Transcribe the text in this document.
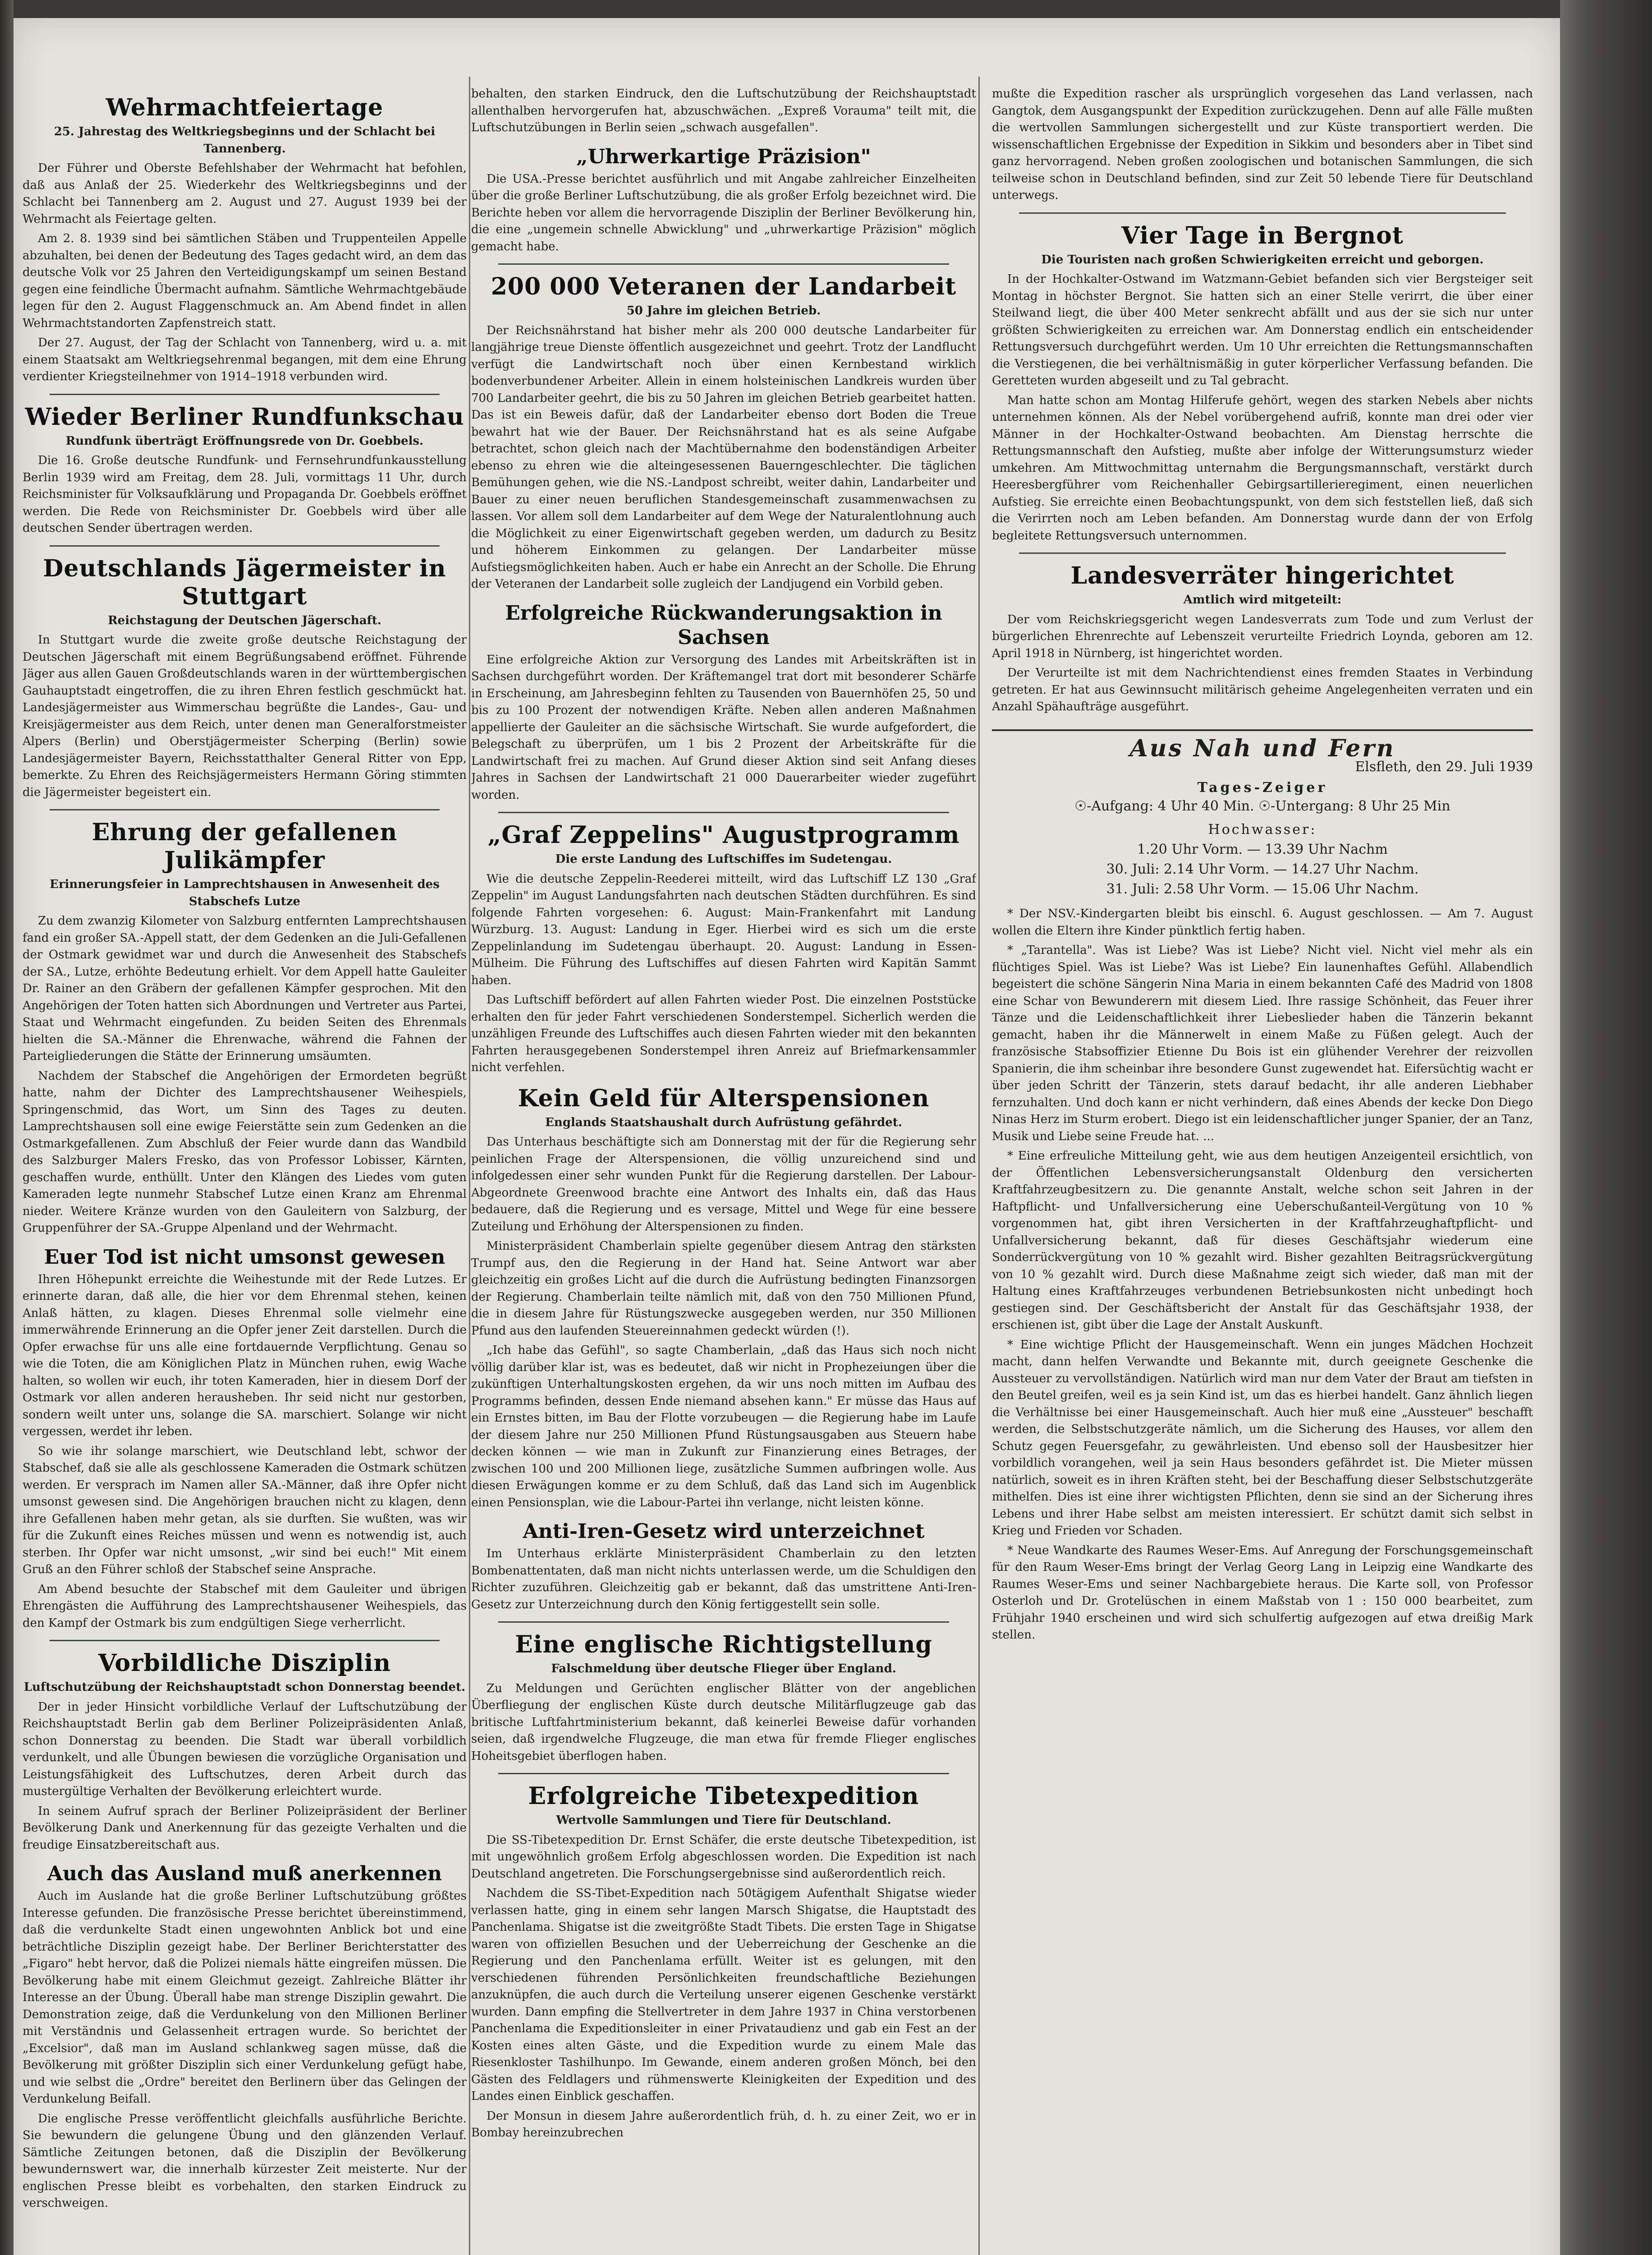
Wehrmachtfeiertage

25. Jahrestag des Weltkriegsbeginns und der Schlacht bei Tannenberg.

Der Führer und Oberste Befehlshaber der Wehrmacht hat befohlen, daß aus Anlaß der 25. Wiederkehr des Weltkriegsbeginns und der Schlacht bei Tannenberg am 2. August und 27. August 1939 bei der Wehrmacht als Feiertage gelten.

Am 2. 8. 1939 sind bei sämtlichen Stäben und Truppenteilen Appelle abzuhalten, bei denen der Bedeutung des Tages gedacht wird, an dem das deutsche Volk vor 25 Jahren den Verteidigungskampf um seinen Bestand gegen eine feindliche Übermacht aufnahm. Sämtliche Wehrmachtgebäude legen für den 2. August Flaggenschmuck an. Am Abend findet in allen Wehrmachtstandorten Zapfenstreich statt.

Der 27. August, der Tag der Schlacht von Tannenberg, wird u. a. mit einem Staatsakt am Weltkriegsehrenmal begangen, mit dem eine Ehrung verdienter Kriegsteilnehmer von 1914–1918 verbunden wird.

Wieder Berliner Rundfunkschau

Rundfunk überträgt Eröffnungsrede von Dr. Goebbels.

Die 16. Große deutsche Rundfunk- und Fernsehrundfunkausstellung Berlin 1939 wird am Freitag, dem 28. Juli, vormittags 11 Uhr, durch Reichsminister für Volksaufklärung und Propaganda Dr. Goebbels eröffnet werden. Die Rede von Reichsminister Dr. Goebbels wird über alle deutschen Sender übertragen werden.

Deutschlands Jägermeister in Stuttgart

Reichstagung der Deutschen Jägerschaft.

In Stuttgart wurde die zweite große deutsche Reichstagung der Deutschen Jägerschaft mit einem Begrüßungsabend eröffnet. Führende Jäger aus allen Gauen Großdeutschlands waren in der württembergischen Gauhauptstadt eingetroffen, die zu ihren Ehren festlich geschmückt hat. Landesjägermeister aus Wimmerschau begrüßte die Landes-, Gau- und Kreisjägermeister aus dem Reich, unter denen man Generalforstmeister Alpers (Berlin) und Oberstjägermeister Scherping (Berlin) sowie Landesjägermeister Bayern, Reichsstatthalter General Ritter von Epp, bemerkte. Zu Ehren des Reichsjägermeisters Hermann Göring stimmten die Jägermeister begeistert ein.

Ehrung der gefallenen Julikämpfer

Erinnerungsfeier in Lamprechtshausen in Anwesenheit des Stabschefs Lutze

Zu dem zwanzig Kilometer von Salzburg entfernten Lamprechtshausen fand ein großer SA.-Appell statt, der dem Gedenken an die Juli-Gefallenen der Ostmark gewidmet war und durch die Anwesenheit des Stabschefs der SA., Lutze, erhöhte Bedeutung erhielt. Vor dem Appell hatte Gauleiter Dr. Rainer an den Gräbern der gefallenen Kämpfer gesprochen. Mit den Angehörigen der Toten hatten sich Abordnungen und Vertreter aus Partei, Staat und Wehrmacht eingefunden. Zu beiden Seiten des Ehrenmals hielten die SA.-Männer die Ehrenwache, während die Fahnen der Parteigliederungen die Stätte der Erinnerung umsäumten.

Nachdem der Stabschef die Angehörigen der Ermordeten begrüßt hatte, nahm der Dichter des Lamprechtshausener Weihespiels, Springenschmid, das Wort, um Sinn des Tages zu deuten. Lamprechtshausen soll eine ewige Feierstätte sein zum Gedenken an die Ostmarkgefallenen. Zum Abschluß der Feier wurde dann das Wandbild des Salzburger Malers Fresko, das von Professor Lobisser, Kärnten, geschaffen wurde, enthüllt. Unter den Klängen des Liedes vom guten Kameraden legte nunmehr Stabschef Lutze einen Kranz am Ehrenmal nieder. Weitere Kränze wurden von den Gauleitern von Salzburg, der Gruppenführer der SA.-Gruppe Alpenland und der Wehrmacht.

Euer Tod ist nicht umsonst gewesen

Ihren Höhepunkt erreichte die Weihestunde mit der Rede Lutzes. Er erinnerte daran, daß alle, die hier vor dem Ehrenmal stehen, keinen Anlaß hätten, zu klagen. Dieses Ehrenmal solle vielmehr eine immerwährende Erinnerung an die Opfer jener Zeit darstellen. Durch die Opfer erwachse für uns alle eine fortdauernde Verpflichtung. Genau so wie die Toten, die am Königlichen Platz in München ruhen, ewig Wache halten, so wollen wir euch, ihr toten Kameraden, hier in diesem Dorf der Ostmark vor allen anderen herausheben. Ihr seid nicht nur gestorben, sondern weilt unter uns, solange die SA. marschiert. Solange wir nicht vergessen, werdet ihr leben.

So wie ihr solange marschiert, wie Deutschland lebt, schwor der Stabschef, daß sie alle als geschlossene Kameraden die Ostmark schützen werden. Er versprach im Namen aller SA.-Männer, daß ihre Opfer nicht umsonst gewesen sind. Die Angehörigen brauchen nicht zu klagen, denn ihre Gefallenen haben mehr getan, als sie durften. Sie wußten, was wir für die Zukunft eines Reiches müssen und wenn es notwendig ist, auch sterben. Ihr Opfer war nicht umsonst, „wir sind bei euch!" Mit einem Gruß an den Führer schloß der Stabschef seine Ansprache.

Am Abend besuchte der Stabschef mit dem Gauleiter und übrigen Ehrengästen die Aufführung des Lamprechtshausener Weihespiels, das den Kampf der Ostmark bis zum endgültigen Siege verherrlicht.

Vorbildliche Disziplin

Luftschutzübung der Reichshauptstadt schon Donnerstag beendet.

Der in jeder Hinsicht vorbildliche Verlauf der Luftschutzübung der Reichshauptstadt Berlin gab dem Berliner Polizeipräsidenten Anlaß, schon Donnerstag zu beenden. Die Stadt war überall vorbildlich verdunkelt, und alle Übungen bewiesen die vorzügliche Organisation und Leistungsfähigkeit des Luftschutzes, deren Arbeit durch das mustergültige Verhalten der Bevölkerung erleichtert wurde.

In seinem Aufruf sprach der Berliner Polizeipräsident der Berliner Bevölkerung Dank und Anerkennung für das gezeigte Verhalten und die freudige Einsatzbereitschaft aus.

Auch das Ausland muß anerkennen

Auch im Auslande hat die große Berliner Luftschutzübung größtes Interesse gefunden. Die französische Presse berichtet übereinstimmend, daß die verdunkelte Stadt einen ungewohnten Anblick bot und eine beträchtliche Disziplin gezeigt habe. Der Berliner Berichterstatter des „Figaro" hebt hervor, daß die Polizei niemals hätte eingreifen müssen. Die Bevölkerung habe mit einem Gleichmut gezeigt. Zahlreiche Blätter ihr Interesse an der Übung. Überall habe man strenge Disziplin gewahrt. Die Demonstration zeige, daß die Verdunkelung von den Millionen Berliner mit Verständnis und Gelassenheit ertragen wurde. So berichtet der „Excelsior", daß man im Ausland schlankweg sagen müsse, daß die Bevölkerung mit größter Disziplin sich einer Verdunkelung gefügt habe, und wie selbst die „Ordre" bereitet den Berlinern über das Gelingen der Verdunkelung Beifall.

Die englische Presse veröffentlicht gleichfalls ausführliche Berichte. Sie bewundern die gelungene Übung und den glänzenden Verlauf. Sämtliche Zeitungen betonen, daß die Disziplin der Bevölkerung bewundernswert war, die innerhalb kürzester Zeit meisterte. Nur der englischen Presse bleibt es vorbehalten, den starken Eindruck zu verschweigen.

behalten, den starken Eindruck, den die Luftschutzübung der Reichshauptstadt allenthalben hervorgerufen hat, abzuschwächen. „Expreß Vorauma" teilt mit, die Luftschutzübungen in Berlin seien „schwach ausgefallen".

„Uhrwerkartige Präzision"

Die USA.-Presse berichtet ausführlich und mit Angabe zahlreicher Einzelheiten über die große Berliner Luftschutzübung, die als großer Erfolg bezeichnet wird. Die Berichte heben vor allem die hervorragende Disziplin der Berliner Bevölkerung hin, die eine „ungemein schnelle Abwicklung" und „uhrwerkartige Präzision" möglich gemacht habe.

200 000 Veteranen der Landarbeit

50 Jahre im gleichen Betrieb.

Der Reichsnährstand hat bisher mehr als 200 000 deutsche Landarbeiter für langjährige treue Dienste öffentlich ausgezeichnet und geehrt. Trotz der Landflucht verfügt die Landwirtschaft noch über einen Kernbestand wirklich bodenverbundener Arbeiter. Allein in einem holsteinischen Landkreis wurden über 700 Landarbeiter geehrt, die bis zu 50 Jahren im gleichen Betrieb gearbeitet hatten. Das ist ein Beweis dafür, daß der Landarbeiter ebenso dort Boden die Treue bewahrt hat wie der Bauer. Der Reichsnährstand hat es als seine Aufgabe betrachtet, schon gleich nach der Machtübernahme den bodenständigen Arbeiter ebenso zu ehren wie die alteingesessenen Bauerngeschlechter. Die täglichen Bemühungen gehen, wie die NS.-Landpost schreibt, weiter dahin, Landarbeiter und Bauer zu einer neuen beruflichen Standesgemeinschaft zusammenwachsen zu lassen. Vor allem soll dem Landarbeiter auf dem Wege der Naturalentlohnung auch die Möglichkeit zu einer Eigenwirtschaft gegeben werden, um dadurch zu Besitz und höherem Einkommen zu gelangen. Der Landarbeiter müsse Aufstiegsmöglichkeiten haben. Auch er habe ein Anrecht an der Scholle. Die Ehrung der Veteranen der Landarbeit solle zugleich der Landjugend ein Vorbild geben.

Erfolgreiche Rückwanderungsaktion in Sachsen

Eine erfolgreiche Aktion zur Versorgung des Landes mit Arbeitskräften ist in Sachsen durchgeführt worden. Der Kräftemangel trat dort mit besonderer Schärfe in Erscheinung, am Jahresbeginn fehlten zu Tausenden von Bauernhöfen 25, 50 und bis zu 100 Prozent der notwendigen Kräfte. Neben allen anderen Maßnahmen appellierte der Gauleiter an die sächsische Wirtschaft. Sie wurde aufgefordert, die Belegschaft zu überprüfen, um 1 bis 2 Prozent der Arbeitskräfte für die Landwirtschaft frei zu machen. Auf Grund dieser Aktion sind seit Anfang dieses Jahres in Sachsen der Landwirtschaft 21 000 Dauerarbeiter wieder zugeführt worden.

„Graf Zeppelins" Augustprogramm

Die erste Landung des Luftschiffes im Sudetengau.

Wie die deutsche Zeppelin-Reederei mitteilt, wird das Luftschiff LZ 130 „Graf Zeppelin" im August Landungsfahrten nach deutschen Städten durchführen. Es sind folgende Fahrten vorgesehen: 6. August: Main-Frankenfahrt mit Landung Würzburg. 13. August: Landung in Eger. Hierbei wird es sich um die erste Zeppelinlandung im Sudetengau überhaupt. 20. August: Landung in Essen-Mülheim. Die Führung des Luftschiffes auf diesen Fahrten wird Kapitän Sammt haben.

Das Luftschiff befördert auf allen Fahrten wieder Post. Die einzelnen Poststücke erhalten den für jeder Fahrt verschiedenen Sonderstempel. Sicherlich werden die unzähligen Freunde des Luftschiffes auch diesen Fahrten wieder mit den bekannten Fahrten herausgegebenen Sonderstempel ihren Anreiz auf Briefmarkensammler nicht verfehlen.

Kein Geld für Alterspensionen

Englands Staatshaushalt durch Aufrüstung gefährdet.

Das Unterhaus beschäftigte sich am Donnerstag mit der für die Regierung sehr peinlichen Frage der Alterspensionen, die völlig unzureichend sind und infolgedessen einer sehr wunden Punkt für die Regierung darstellen. Der Labour-Abgeordnete Greenwood brachte eine Antwort des Inhalts ein, daß das Haus bedauere, daß die Regierung und es versage, Mittel und Wege für eine bessere Zuteilung und Erhöhung der Alterspensionen zu finden.

Ministerpräsident Chamberlain spielte gegenüber diesem Antrag den stärksten Trumpf aus, den die Regierung in der Hand hat. Seine Antwort war aber gleichzeitig ein großes Licht auf die durch die Aufrüstung bedingten Finanzsorgen der Regierung. Chamberlain teilte nämlich mit, daß von den 750 Millionen Pfund, die in diesem Jahre für Rüstungszwecke ausgegeben werden, nur 350 Millionen Pfund aus den laufenden Steuereinnahmen gedeckt würden (!).

„Ich habe das Gefühl", so sagte Chamberlain, „daß das Haus sich noch nicht völlig darüber klar ist, was es bedeutet, daß wir nicht in Prophezeiungen über die zukünftigen Unterhaltungskosten ergehen, da wir uns noch mitten im Aufbau des Programms befinden, dessen Ende niemand absehen kann." Er müsse das Haus auf ein Ernstes bitten, im Bau der Flotte vorzubeugen — die Regierung habe im Laufe der diesem Jahre nur 250 Millionen Pfund Rüstungsausgaben aus Steuern habe decken können — wie man in Zukunft zur Finanzierung eines Betrages, der zwischen 100 und 200 Millionen liege, zusätzliche Summen aufbringen wolle. Aus diesen Erwägungen komme er zu dem Schluß, daß das Land sich im Augenblick einen Pensionsplan, wie die Labour-Partei ihn verlange, nicht leisten könne.

Anti-Iren-Gesetz wird unterzeichnet

Im Unterhaus erklärte Ministerpräsident Chamberlain zu den letzten Bombenattentaten, daß man nicht nichts unterlassen werde, um die Schuldigen den Richter zuzuführen. Gleichzeitig gab er bekannt, daß das umstrittene Anti-Iren-Gesetz zur Unterzeichnung durch den König fertiggestellt sein solle.

Eine englische Richtigstellung

Falschmeldung über deutsche Flieger über England.

Zu Meldungen und Gerüchten englischer Blätter von der angeblichen Überfliegung der englischen Küste durch deutsche Militärflugzeuge gab das britische Luftfahrtministerium bekannt, daß keinerlei Beweise dafür vorhanden seien, daß irgendwelche Flugzeuge, die man etwa für fremde Flieger englisches Hoheitsgebiet überflogen haben.

Erfolgreiche Tibetexpedition

Wertvolle Sammlungen und Tiere für Deutschland.

Die SS-Tibetexpedition Dr. Ernst Schäfer, die erste deutsche Tibetexpedition, ist mit ungewöhnlich großem Erfolg abgeschlossen worden. Die Expedition ist nach Deutschland angetreten. Die Forschungsergebnisse sind außerordentlich reich.

Nachdem die SS-Tibet-Expedition nach 50tägigem Aufenthalt Shigatse wieder verlassen hatte, ging in einem sehr langen Marsch Shigatse, die Hauptstadt des Panchenlama. Shigatse ist die zweitgrößte Stadt Tibets. Die ersten Tage in Shigatse waren von offiziellen Besuchen und der Ueberreichung der Geschenke an die Regierung und den Panchenlama erfüllt. Weiter ist es gelungen, mit den verschiedenen führenden Persönlichkeiten freundschaftliche Beziehungen anzuknüpfen, die auch durch die Verteilung unserer eigenen Geschenke verstärkt wurden. Dann empfing die Stellvertreter in dem Jahre 1937 in China verstorbenen Panchenlama die Expeditionsleiter in einer Privataudienz und gab ein Fest an der Kosten eines alten Gäste, und die Expedition wurde zu einem Male das Riesenkloster Tashilhunpo. Im Gewande, einem anderen großen Mönch, bei den Gästen des Feldlagers und rühmenswerte Kleinigkeiten der Expedition und des Landes einen Einblick geschaffen.

Der Monsun in diesem Jahre außerordentlich früh, d. h. zu einer Zeit, wo er in Bombay hereinzubrechen

mußte die Expedition rascher als ursprünglich vorgesehen das Land verlassen, nach Gangtok, dem Ausgangspunkt der Expedition zurückzugehen. Denn auf alle Fälle mußten die wertvollen Sammlungen sichergestellt und zur Küste transportiert werden. Die wissenschaftlichen Ergebnisse der Expedition in Sikkim und besonders aber in Tibet sind ganz hervorragend. Neben großen zoologischen und botanischen Sammlungen, die sich teilweise schon in Deutschland befinden, sind zur Zeit 50 lebende Tiere für Deutschland unterwegs.

Vier Tage in Bergnot

Die Touristen nach großen Schwierigkeiten erreicht und geborgen.

In der Hochkalter-Ostwand im Watzmann-Gebiet befanden sich vier Bergsteiger seit Montag in höchster Bergnot. Sie hatten sich an einer Stelle verirrt, die über einer Steilwand liegt, die über 400 Meter senkrecht abfällt und aus der sie sich nur unter größten Schwierigkeiten zu erreichen war. Am Donnerstag endlich ein entscheidender Rettungsversuch durchgeführt werden. Um 10 Uhr erreichten die Rettungsmannschaften die Verstiegenen, die bei verhältnismäßig in guter körperlicher Verfassung befanden. Die Geretteten wurden abgeseilt und zu Tal gebracht.

Man hatte schon am Montag Hilferufe gehört, wegen des starken Nebels aber nichts unternehmen können. Als der Nebel vorübergehend aufriß, konnte man drei oder vier Männer in der Hochkalter-Ostwand beobachten. Am Dienstag herrschte die Rettungsmannschaft den Aufstieg, mußte aber infolge der Witterungsumsturz wieder umkehren. Am Mittwochmittag unternahm die Bergungsmannschaft, verstärkt durch Heeresbergführer vom Reichenhaller Gebirgsartillerieregiment, einen neuerlichen Aufstieg. Sie erreichte einen Beobachtungspunkt, von dem sich feststellen ließ, daß sich die Verirrten noch am Leben befanden. Am Donnerstag wurde dann der von Erfolg begleitete Rettungsversuch unternommen.

Landesverräter hingerichtet

Amtlich wird mitgeteilt:

Der vom Reichskriegsgericht wegen Landesverrats zum Tode und zum Verlust der bürgerlichen Ehrenrechte auf Lebenszeit verurteilte Friedrich Loynda, geboren am 12. April 1918 in Nürnberg, ist hingerichtet worden.

Der Verurteilte ist mit dem Nachrichtendienst eines fremden Staates in Verbindung getreten. Er hat aus Gewinnsucht militärisch geheime Angelegenheiten verraten und ein Anzahl Spähaufträge ausgeführt.

Aus Nah und Fern
Elsfleth, den 29. Juli 1939
Tages-Zeiger
☉-Aufgang: 4 Uhr 40 Min. ☉-Untergang: 8 Uhr 25 Min
Hochwasser:
1.20 Uhr Vorm. — 13.39 Uhr Nachm
30. Juli: 2.14 Uhr Vorm. — 14.27 Uhr Nachm.
31. Juli: 2.58 Uhr Vorm. — 15.06 Uhr Nachm.

* Der NSV.-Kindergarten bleibt bis einschl. 6. August geschlossen. — Am 7. August wollen die Eltern ihre Kinder pünktlich fertig haben.

* „Tarantella". Was ist Liebe? Was ist Liebe? Nicht viel. Nicht viel mehr als ein flüchtiges Spiel. Was ist Liebe? Was ist Liebe? Ein launenhaftes Gefühl. Allabendlich begeistert die schöne Sängerin Nina Maria in einem bekannten Café des Madrid von 1808 eine Schar von Bewunderern mit diesem Lied. Ihre rassige Schönheit, das Feuer ihrer Tänze und die Leidenschaftlichkeit ihrer Liebeslieder haben die Tänzerin bekannt gemacht, haben ihr die Männerwelt in einem Maße zu Füßen gelegt. Auch der französische Stabsoffizier Etienne Du Bois ist ein glühender Verehrer der reizvollen Spanierin, die ihm scheinbar ihre besondere Gunst zugewendet hat. Eifersüchtig wacht er über jeden Schritt der Tänzerin, stets darauf bedacht, ihr alle anderen Liebhaber fernzuhalten. Und doch kann er nicht verhindern, daß eines Abends der kecke Don Diego Ninas Herz im Sturm erobert. Diego ist ein leidenschaftlicher junger Spanier, der an Tanz, Musik und Liebe seine Freude hat. ...

* Eine erfreuliche Mitteilung geht, wie aus dem heutigen Anzeigenteil ersichtlich, von der Öffentlichen Lebensversicherungsanstalt Oldenburg den versicherten Kraftfahrzeugbesitzern zu. Die genannte Anstalt, welche schon seit Jahren in der Haftpflicht- und Unfallversicherung eine Ueberschußanteil-Vergütung von 10 % vorgenommen hat, gibt ihren Versicherten in der Kraftfahrzeughaftpflicht- und Unfallversicherung bekannt, daß für dieses Geschäftsjahr wiederum eine Sonderrückvergütung von 10 % gezahlt wird. Bisher gezahlten Beitragsrückvergütung von 10 % gezahlt wird. Durch diese Maßnahme zeigt sich wieder, daß man mit der Haltung eines Kraftfahrzeuges verbundenen Betriebsunkosten nicht unbedingt hoch gestiegen sind. Der Geschäftsbericht der Anstalt für das Geschäftsjahr 1938, der erschienen ist, gibt über die Lage der Anstalt Auskunft.

* Eine wichtige Pflicht der Hausgemeinschaft. Wenn ein junges Mädchen Hochzeit macht, dann helfen Verwandte und Bekannte mit, durch geeignete Geschenke die Aussteuer zu vervollständigen. Natürlich wird man nur dem Vater der Braut am tiefsten in den Beutel greifen, weil es ja sein Kind ist, um das es hierbei handelt. Ganz ähnlich liegen die Verhältnisse bei einer Hausgemeinschaft. Auch hier muß eine „Aussteuer" beschafft werden, die Selbstschutzgeräte nämlich, um die Sicherung des Hauses, vor allem den Schutz gegen Feuersgefahr, zu gewährleisten. Und ebenso soll der Hausbesitzer hier vorbildlich vorangehen, weil ja sein Haus besonders gefährdet ist. Die Mieter müssen natürlich, soweit es in ihren Kräften steht, bei der Beschaffung dieser Selbstschutzgeräte mithelfen. Dies ist eine ihrer wichtigsten Pflichten, denn sie sind an der Sicherung ihres Lebens und ihrer Habe selbst am meisten interessiert. Er schützt damit sich selbst in Krieg und Frieden vor Schaden.

* Neue Wandkarte des Raumes Weser-Ems. Auf Anregung der Forschungsgemeinschaft für den Raum Weser-Ems bringt der Verlag Georg Lang in Leipzig eine Wandkarte des Raumes Weser-Ems und seiner Nachbargebiete heraus. Die Karte soll, von Professor Osterloh und Dr. Grotelüschen in einem Maßstab von 1 : 150 000 bearbeitet, zum Frühjahr 1940 erscheinen und wird sich schulfertig aufgezogen auf etwa dreißig Mark stellen.
